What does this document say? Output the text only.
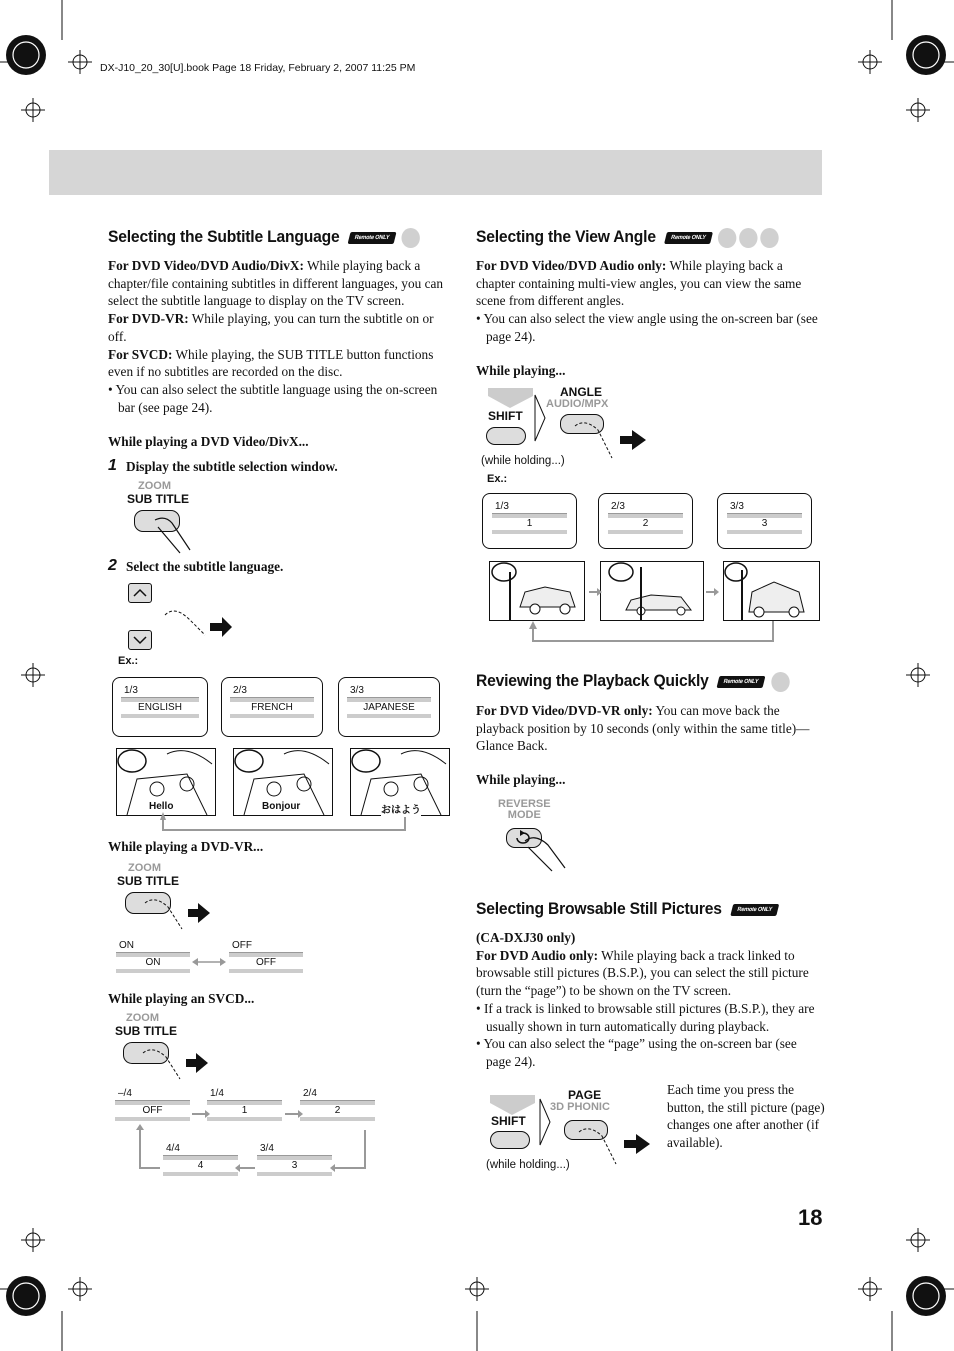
DX-J10_20_30[U].book Page 18 Friday, February 2, 2007 11:25 PM
Selecting the Subtitle Language Remote ONLY

For DVD Video/DVD Audio/DivX: While playing back a chapter/file containing subtitles in different languages, you can select the subtitle language to display on the TV screen.

For DVD-VR: While playing, you can turn the subtitle on or off.

For SVCD: While playing, the SUB TITLE button functions even if no subtitles are recorded on the disc.

• You can also select the subtitle language using the on-screen bar (see page 24).

While playing a DVD Video/DivX...
1 Display the subtitle selection window.
ZOOM
SUB TITLE
2 Select the subtitle language.
Ex.:
1/3
ENGLISH
2/3
FRENCH
3/3
JAPANESE
Hello	Bonjour	おはよう
While playing a DVD-VR...
ZOOM
SUB TITLE
ON
ON
OFF
OFF
While playing an SVCD...
ZOOM
SUB TITLE
–/4
OFF
1/4
1
2/4
2
4/4
4
3/4
3
Selecting the View Angle Remote ONLY

For DVD Video/DVD Audio only: While playing back a chapter containing multi-view angles, you can view the same scene from different angles.

• You can also select the view angle using the on-screen bar (see page 24).

While playing...
SHIFT
ANGLE
AUDIO/MPX
(while holding...)
Ex.:
1/3
1
2/3
2
3/3
3
Reviewing the Playback Quickly Remote ONLY

For DVD Video/DVD-VR only: You can move back the playback position by 10 seconds (only within the same title)—Glance Back.

While playing...
REVERSE
MODE
Selecting Browsable Still Pictures Remote ONLY

(CA-DXJ30 only)

For DVD Audio only: While playing back a track linked to browsable still pictures (B.S.P.), you can select the still picture (turn the “page”) to be shown on the TV screen.

• If a track is linked to browsable still pictures (B.S.P.), they are usually shown in turn automatically during playback.

• You can also select the “page” using the on-screen bar (see page 24).

SHIFT
PAGE
3D PHONIC
(while holding...)
Each time you press the button, the still picture (page) changes one after another (if available).
18
